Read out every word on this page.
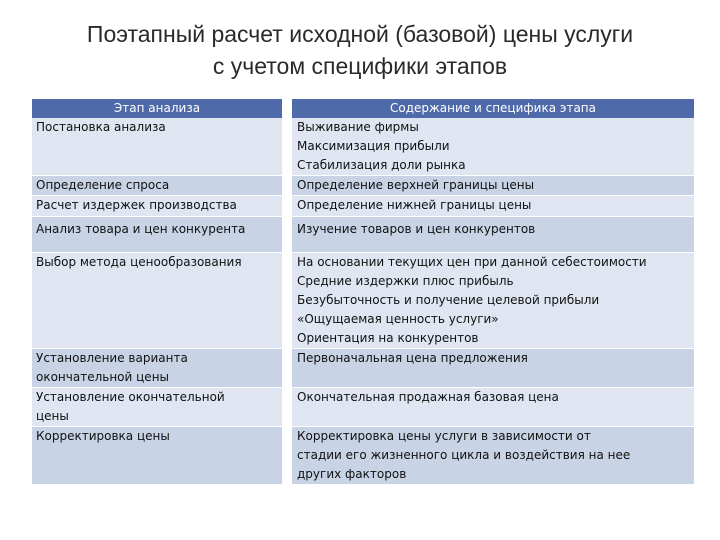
Поэтапный расчет исходной (базовой) цены услуги
с учетом специфики этапов
Этап анализа	Содержание и специфика этапа

Постановка анализа	Выживание фирмы
Максимизация прибыли
Стабилизация доли рынка

Определение спроса	Определение верхней границы цены

Расчет издержек производства	Определение нижней границы цены

Анализ товара и цен конкурента	Изучение товаров и цен конкурентов

Выбор метода ценообразования	На основании текущих цен при данной себестоимости
Средние издержки плюс прибыль
Безубыточность и получение целевой прибыли
«Ощущаемая ценность услуги»
Ориентация на конкурентов

Установление варианта
окончательной цены	Первоначальная цена предложения

Установление окончательной
цены	Окончательная продажная базовая цена

Корректировка цены	Корректировка цены услуги в зависимости от
стадии его жизненного цикла и воздействия на нее
других факторов
